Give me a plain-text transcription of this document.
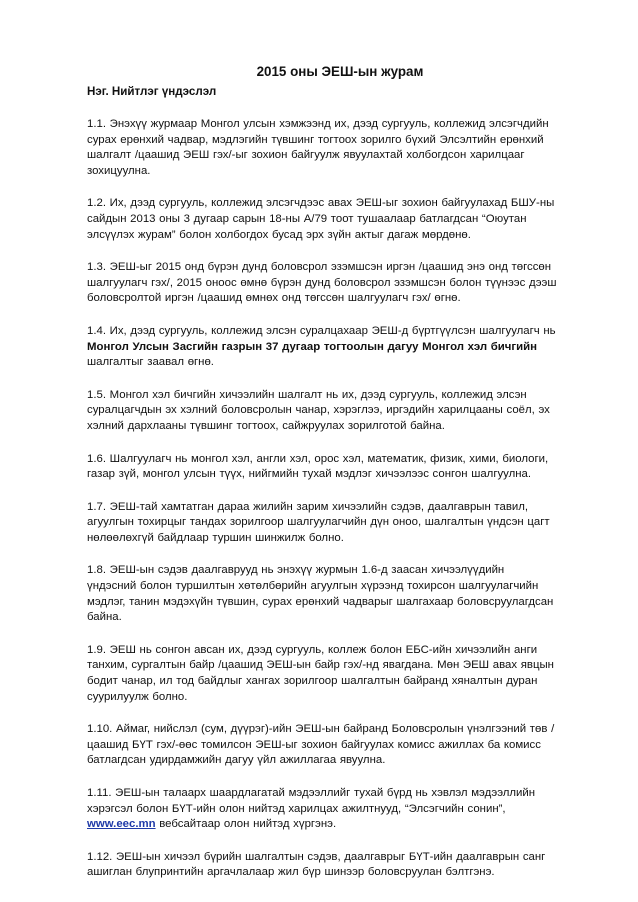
2015 оны ЭЕШ-ын журам
Нэг. Нийтлэг үндэслэл

1.1. Энэхүү журмаар Монгол улсын хэмжээнд их, дээд сургууль, коллежид элсэгчдийн сурах ерөнхий чадвар, мэдлэгийн түвшинг тогтоох зорилго бүхий Элсэлтийн ерөнхий шалгалт /цаашид ЭЕШ гэх/-ыг зохион байгуулж явуулахтай холбогдсон харилцааг зохицуулна.

1.2. Их, дээд сургууль, коллежид элсэгчдээс авах ЭЕШ-ыг зохион байгуулахад БШУ-ны сайдын 2013 оны 3 дугаар сарын 18-ны А/79 тоот тушаалаар батлагдсан “Оюутан элсүүлэх журам” болон холбогдох бусад эрх зүйн актыг дагаж мөрдөнө.

1.3. ЭЕШ-ыг 2015 онд бүрэн дунд боловсрол эзэмшсэн иргэн /цаашид энэ онд төгссөн шалгуулагч гэх/, 2015 оноос өмнө бүрэн дунд боловсрол эзэмшсэн болон түүнээс дээш боловсролтой иргэн /цаашид өмнөх онд төгссөн шалгуулагч гэх/ өгнө.

1.4. Их, дээд сургууль, коллежид элсэн суралцахаар ЭЕШ-д бүртгүүлсэн шалгуулагч нь Монгол Улсын Засгийн газрын 37 дугаар тогтоолын дагуу Монгол хэл бичгийн шалгалтыг заавал өгнө.

1.5. Монгол хэл бичгийн хичээлийн шалгалт нь их, дээд сургууль, коллежид элсэн суралцагчдын эх хэлний боловсролын чанар, хэрэглээ, иргэдийн харилцааны соёл, эх хэлний дархлааны түвшинг тогтоох, сайжруулах зорилготой байна.

1.6. Шалгуулагч нь монгол хэл, англи хэл, орос хэл, математик, физик, хими, биологи, газар зүй, монгол улсын түүх, нийгмийн тухай мэдлэг хичээлээс сонгон шалгуулна.

1.7. ЭЕШ-тай хамтатган дараа жилийн зарим хичээлийн сэдэв, даалгаврын тавил, агуулгын тохирцыг тандах зорилгоор шалгуулагчийн дүн оноо, шалгалтын үндсэн цагт нөлөөлөхгүй байдлаар туршин шинжилж болно.

1.8. ЭЕШ-ын сэдэв даалгаврууд нь энэхүү журмын 1.6-д заасан хичээлүүдийн үндэсний болон туршилтын хөтөлбөрийн агуулгын хүрээнд тохирсон шалгуулагчийн мэдлэг, танин мэдэхүйн түвшин, сурах ерөнхий чадварыг шалгахаар боловсруулагдсан байна.

1.9. ЭЕШ нь сонгон авсан их, дээд сургууль, коллеж болон ЕБС-ийн хичээлийн анги танхим, сургалтын байр /цаашид ЭЕШ-ын байр гэх/-нд явагдана. Мөн ЭЕШ авах явцын бодит чанар, ил тод байдлыг хангах зорилгоор шалгалтын байранд хяналтын дуран суурилуулж болно.

1.10. Аймаг, нийслэл (сум, дүүрэг)-ийн ЭЕШ-ын байранд Боловсролын үнэлгээний төв /цаашид БҮТ гэх/-өөс томилсон ЭЕШ-ыг зохион байгуулах комисс ажиллах ба комисс батлагдсан удирдамжийн дагуу үйл ажиллагаа явуулна.

1.11. ЭЕШ-ын талаарх шаардлагатай мэдээллийг тухай бүрд нь хэвлэл мэдээллийн хэрэгсэл болон БҮТ-ийн олон нийтэд харилцах ажилтнууд, “Элсэгчийн сонин”, www.eec.mn вебсайтаар олон нийтэд хүргэнэ.

1.12. ЭЕШ-ын хичээл бүрийн шалгалтын сэдэв, даалгаврыг БҮТ-ийн даалгаврын санг ашиглан блупринтийн аргачлалаар жил бүр шинээр боловсруулан бэлтгэнэ.
